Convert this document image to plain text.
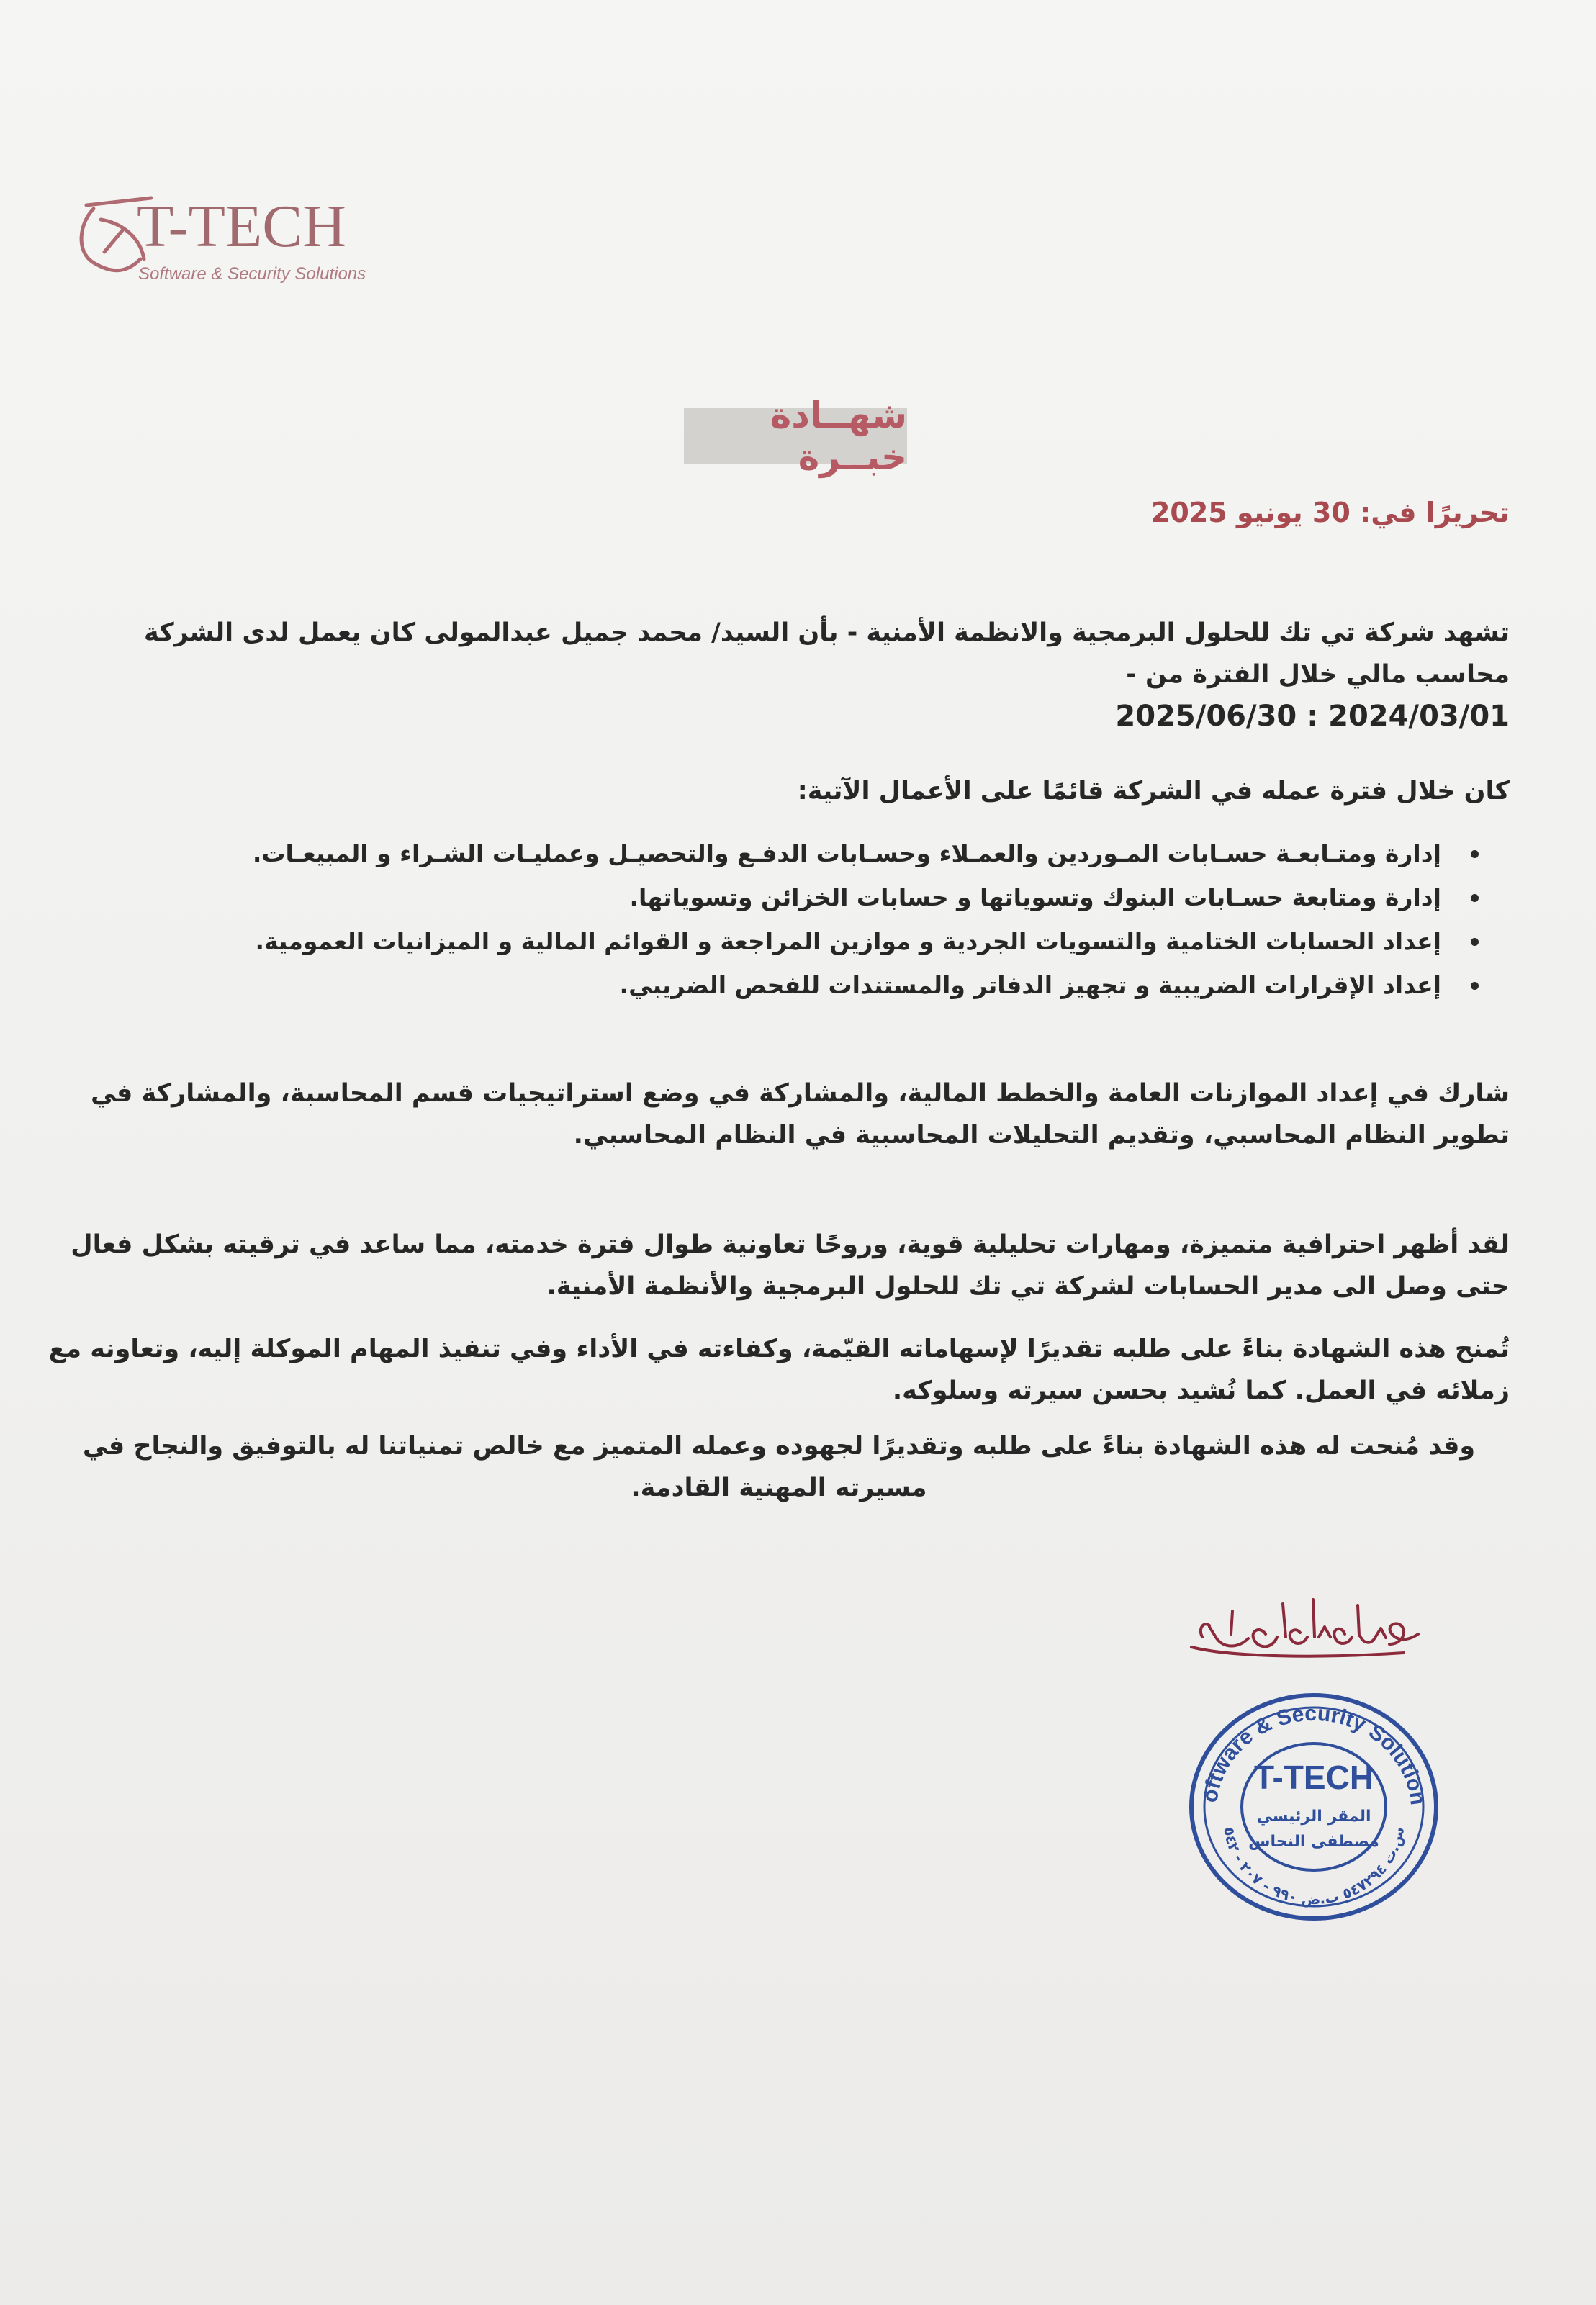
T-TECH
Software & Security Solutions
شهــادة خبــرة
تحريرًا في: 30 يونيو 2025
تشهد شركة تي تك للحلول البرمجية والانظمة الأمنية - بأن السيد/ محمد جميل عبدالمولى كان يعمل لدى الشركة محاسب مالي خلال الفترة من -
2024/03/01 : 2025/06/30
كان خلال فترة عمله في الشركة قائمًا على الأعمال الآتية:
إدارة ومتـابعـة حسـابات المـوردين والعمـلاء وحسـابات الدفـع والتحصيـل وعمليـات الشـراء و المبيعـات.
إدارة ومتابعة حسـابات البنوك وتسوياتها و حسابات الخزائن وتسوياتها.
إعداد الحسابات الختامية والتسويات الجردية و موازين المراجعة و القوائم المالية و الميزانيات العمومية.
إعداد الإقرارات الضريبية و تجهيز الدفاتر والمستندات للفحص الضريبي.
شارك في إعداد الموازنات العامة والخطط المالية، والمشاركة في وضع استراتيجيات قسم المحاسبة، والمشاركة في تطوير النظام المحاسبي، وتقديم التحليلات المحاسبية في النظام المحاسبي.
لقد أظهر احترافية متميزة، ومهارات تحليلية قوية، وروحًا تعاونية طوال فترة خدمته، مما ساعد في ترقيته بشكل فعال حتى وصل الى مدير الحسابات لشركة تي تك للحلول البرمجية والأنظمة الأمنية.
تُمنح هذه الشهادة بناءً على طلبه تقديرًا لإسهاماته القيّمة، وكفاءته في الأداء وفي تنفيذ المهام الموكلة إليه، وتعاونه مع زملائه في العمل. كما نُشيد بحسن سيرته وسلوكه.
وقد مُنحت له هذه الشهادة بناءً على طلبه وتقديرًا لجهوده وعمله المتميز مع خالص تمنياتنا له بالتوفيق والنجاح في مسيرته المهنية القادمة.
Software & Security Solutions
س.ت ٥٤٧٢٩٤ ب.ض ٩٩٠ - ٢٠٧ - ٥٤٢
T-TECH
المقر الرئيسي
مصطفى النحاس
